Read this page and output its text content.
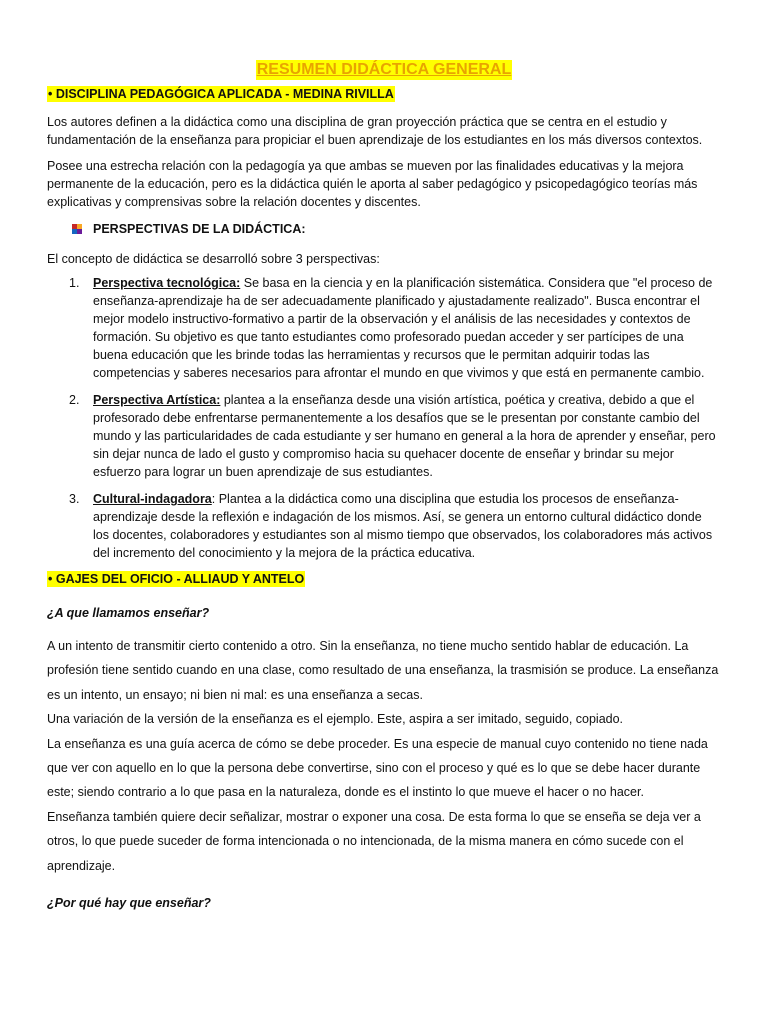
RESUMEN DIDÁCTICA GENERAL
• DISCIPLINA PEDAGÓGICA APLICADA - MEDINA RIVILLA

Los autores definen a la didáctica como una disciplina de gran proyección práctica que se centra en el estudio y fundamentación de la enseñanza para propiciar el buen aprendizaje de los estudiantes en los más diversos contextos.

Posee una estrecha relación con la pedagogía ya que ambas se mueven por las finalidades educativas y la mejora permanente de la educación, pero es la didáctica quién le aporta al saber pedagógico y psicopedagógico teorías más explicativas y comprensivas sobre la relación docentes y discentes.

PERSPECTIVAS DE LA DIDÁCTICA:

El concepto de didáctica se desarrolló sobre 3 perspectivas:

1.	Perspectiva tecnológica: Se basa en la ciencia y en la planificación sistemática. Considera que "el proceso de enseñanza-aprendizaje ha de ser adecuadamente planificado y ajustadamente realizado". Busca encontrar el mejor modelo instructivo-formativo a partir de la observación y el análisis de las necesidades y contextos de formación. Su objetivo es que tanto estudiantes como profesorado puedan acceder y ser partícipes de una buena educación que les brinde todas las herramientas y recursos que le permitan adquirir todas las competencias y saberes necesarios para afrontar el mundo en que vivimos y que está en permanente cambio.
2.	Perspectiva Artística: plantea a la enseñanza desde una visión artística, poética y creativa, debido a que el profesorado debe enfrentarse permanentemente a los desafíos que se le presentan por constante cambio del mundo y las particularidades de cada estudiante y ser humano en general a la hora de aprender y enseñar, pero sin dejar nunca de lado el gusto y compromiso hacia su quehacer docente de enseñar y brindar su mejor esfuerzo para lograr un buen aprendizaje de sus estudiantes.
3.	Cultural-indagadora: Plantea a la didáctica como una disciplina que estudia los procesos de enseñanza-aprendizaje desde la reflexión e indagación de los mismos. Así, se genera un entorno cultural didáctico donde los docentes, colaboradores y estudiantes son al mismo tiempo que observados, los colaboradores más activos del incremento del conocimiento y la mejora de la práctica educativa.
• GAJES DEL OFICIO - ALLIAUD Y ANTELO

¿A que llamamos enseñar?

A un intento de transmitir cierto contenido a otro. Sin la enseñanza, no tiene mucho sentido hablar de educación. La profesión tiene sentido cuando en una clase, como resultado de una enseñanza, la trasmisión se produce. La enseñanza es un intento, un ensayo; ni bien ni mal: es una enseñanza a secas.

Una variación de la versión de la enseñanza es el ejemplo. Este, aspira a ser imitado, seguido, copiado.

La enseñanza es una guía acerca de cómo se debe proceder. Es una especie de manual cuyo contenido no tiene nada que ver con aquello en lo que la persona debe convertirse, sino con el proceso y qué es lo que se debe hacer durante este; siendo contrario a lo que pasa en la naturaleza, donde es el instinto lo que mueve el hacer o no hacer.

Enseñanza también quiere decir señalizar, mostrar o exponer una cosa. De esta forma lo que se enseña se deja ver a otros, lo que puede suceder de forma intencionada o no intencionada, de la misma manera en cómo sucede con el aprendizaje.

¿Por qué hay que enseñar?
